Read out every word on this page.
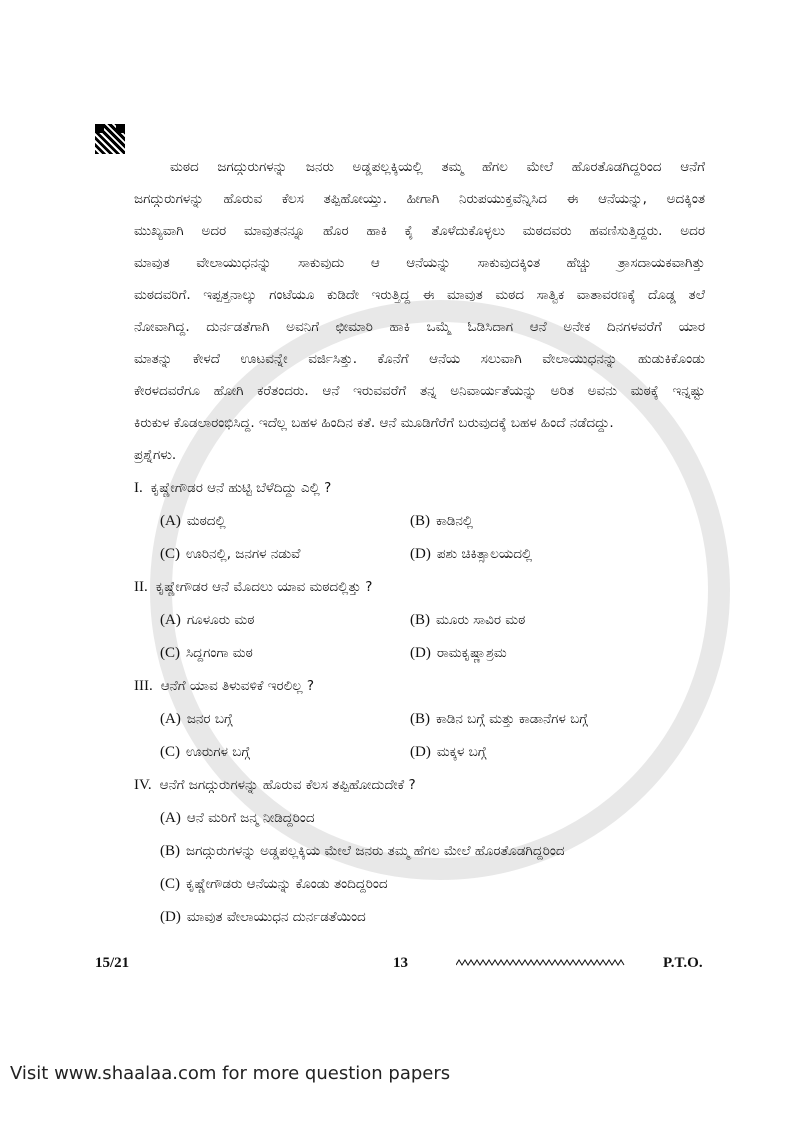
ಮಠದ ಜಗದ್ಗುರುಗಳನ್ನು ಜನರು ಅಡ್ಡಪಲ್ಲಕ್ಕಿಯಲ್ಲಿ ತಮ್ಮ ಹೆಗಲ ಮೇಲೆ ಹೊರತೊಡಗಿದ್ದರಿಂದ ಆನೆಗೆ
ಜಗದ್ಗುರುಗಳನ್ನು ಹೊರುವ ಕೆಲಸ ತಪ್ಪಿಹೋಯ್ತು. ಹೀಗಾಗಿ ನಿರುಪಯುಕ್ತವೆನ್ನಿಸಿದ ಈ ಆನೆಯನ್ನು, ಅದಕ್ಕಿಂತ
ಮುಖ್ಯವಾಗಿ ಅದರ ಮಾವುತನನ್ನೂ ಹೊರ ಹಾಕಿ ಕೈ ತೊಳೆದುಕೊಳ್ಳಲು ಮಠದವರು ಹವಣಿಸುತ್ತಿದ್ದರು. ಅದರ
ಮಾವುತ ವೇಲಾಯುಧನನ್ನು ಸಾಕುವುದು ಆ ಆನೆಯನ್ನು ಸಾಕುವುದಕ್ಕಿಂತ ಹೆಚ್ಚು ತ್ರಾಸದಾಯಕವಾಗಿತ್ತು
ಮಠದವರಿಗೆ. ಇಪ್ಪತ್ತನಾಲ್ಕು ಗಂಟೆಯೂ ಕುಡಿದೇ ಇರುತ್ತಿದ್ದ ಈ ಮಾವುತ ಮಠದ ಸಾತ್ವಿಕ ವಾತಾವರಣಕ್ಕೆ ದೊಡ್ಡ ತಲೆ
ನೋವಾಗಿದ್ದ. ದುರ್ನಡತೆಗಾಗಿ ಅವನಿಗೆ ಛೀಮಾರಿ ಹಾಕಿ ಒಮ್ಮೆ ಓಡಿಸಿದಾಗ ಆನೆ ಅನೇಕ ದಿನಗಳವರೆಗೆ ಯಾರ
ಮಾತನ್ನು ಕೇಳದೆ ಊಟವನ್ನೇ ವರ್ಜಿಸಿತ್ತು. ಕೊನೆಗೆ ಆನೆಯ ಸಲುವಾಗಿ ವೇಲಾಯುಧನನ್ನು ಹುಡುಕಿಕೊಂಡು
ಕೇರಳದವರೆಗೂ ಹೋಗಿ ಕರೆತಂದರು. ಆನೆ ಇರುವವರೆಗೆ ತನ್ನ ಅನಿವಾರ್ಯತೆಯನ್ನು ಅರಿತ ಅವನು ಮಠಕ್ಕೆ ಇನ್ನಷ್ಟು
ಕಿರುಕುಳ ಕೊಡಲಾರಂಭಿಸಿದ್ದ. ಇದೆಲ್ಲ ಬಹಳ ಹಿಂದಿನ ಕತೆ. ಆನೆ ಮೂಡಿಗೆರೆಗೆ ಬರುವುದಕ್ಕೆ ಬಹಳ ಹಿಂದೆ ನಡೆದದ್ದು.
ಪ್ರಶ್ನೆಗಳು.
I. ಕೃಷ್ಣೇಗೌಡರ ಆನೆ ಹುಟ್ಟಿ ಬೆಳೆದಿದ್ದು ಎಲ್ಲಿ ?
(A) ಮಠದಲ್ಲಿ	(B) ಕಾಡಿನಲ್ಲಿ
(C) ಊರಿನಲ್ಲಿ, ಜನಗಳ ನಡುವೆ	(D) ಪಶು ಚಿಕಿತ್ಸಾಲಯದಲ್ಲಿ
II. ಕೃಷ್ಣೇಗೌಡರ ಆನೆ ಮೊದಲು ಯಾವ ಮಠದಲ್ಲಿತ್ತು ?
(A) ಗೂಳೂರು ಮಠ	(B) ಮೂರು ಸಾವಿರ ಮಠ
(C) ಸಿದ್ದಗಂಗಾ ಮಠ	(D) ರಾಮಕೃಷ್ಣಾಶ್ರಮ
III. ಆನೆಗೆ ಯಾವ ತಿಳುವಳಿಕೆ ಇರಲಿಲ್ಲ ?
(A) ಜನರ ಬಗ್ಗೆ	(B) ಕಾಡಿನ ಬಗ್ಗೆ ಮತ್ತು ಕಾಡಾನೆಗಳ ಬಗ್ಗೆ
(C) ಊರುಗಳ ಬಗ್ಗೆ	(D) ಮಕ್ಕಳ ಬಗ್ಗೆ
IV. ಆನೆಗೆ ಜಗದ್ಗುರುಗಳನ್ನು ಹೊರುವ ಕೆಲಸ ತಪ್ಪಿಹೋದುದೇಕೆ ?
(A) ಆನೆ ಮರಿಗೆ ಜನ್ಮ ನೀಡಿದ್ದರಿಂದ
(B) ಜಗದ್ಗುರುಗಳನ್ನು ಅಡ್ಡಪಲ್ಲಕ್ಕಿಯ ಮೇಲೆ ಜನರು ತಮ್ಮ ಹೆಗಲ ಮೇಲೆ ಹೊರತೊಡಗಿದ್ದರಿಂದ
(C) ಕೃಷ್ಣೇಗೌಡರು ಆನೆಯನ್ನು ಕೊಂಡು ತಂದಿದ್ದರಿಂದ
(D) ಮಾವುತ ವೇಲಾಯುಧನ ದುರ್ನಡತೆಯಿಂದ
15/21	13	P.T.O.
Visit www.shaalaa.com for more question papers
